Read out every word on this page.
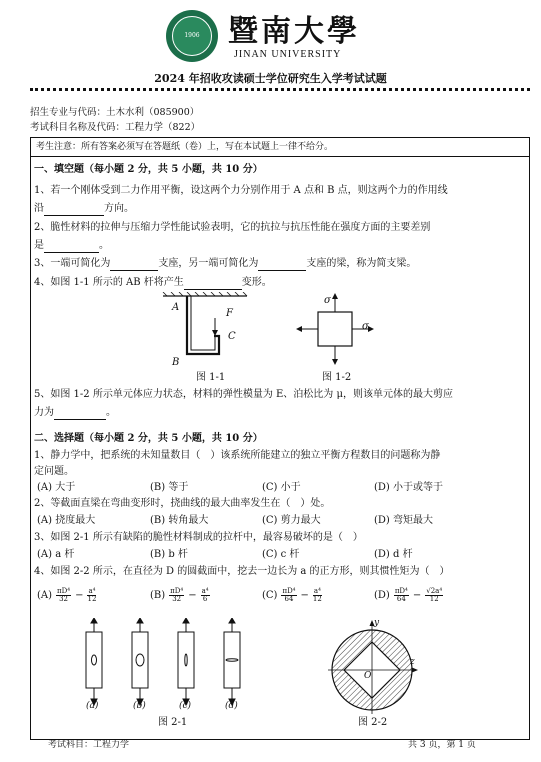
1906 暨南大學
JINAN UNIVERSITY
2024 年招收攻读硕士学位研究生入学考试试题
招生专业与代码：土木水利（085900）
考试科目名称及代码：工程力学（822）
考生注意：所有答案必须写在答题纸（卷）上，写在本试题上一律不给分。
一、填空题（每小题 2 分，共 5 小题，共 10 分）
1、若一个刚体受到二力作用平衡，设这两个力分别作用于 A 点和 B 点，则这两个力的作用线
沿	方向。
2、脆性材料的拉伸与压缩力学性能试验表明，它的抗拉与抗压性能在强度方面的主要差别
是	。
3、一端可简化为	支座，另一端可简化为	支座的梁，称为简支梁。
4、如图 1-1 所示的 AB 杆将产生	变形。
A
F
C
B
σ
σ
图 1-1	图 1-2
5、如图 1-2 所示单元体应力状态，材料的弹性模量为 E、泊松比为 μ，则该单元体的最大剪应
力为	。
二、选择题（每小题 2 分，共 5 小题，共 10 分）
1、静力学中，把系统的未知量数目（　）该系统所能建立的独立平衡方程数目的问题称为静
定问题。
(A) 大于	(B) 等于	(C) 小于	(D) 小于或等于
2、等截面直梁在弯曲变形时，挠曲线的最大曲率发生在（　）处。
(A) 挠度最大	(B) 转角最大	(C) 剪力最大	(D) 弯矩最大
3、如图 2-1 所示有缺陷的脆性材料制成的拉杆中，最容易破坏的是（　）
(A) a 杆	(B) b 杆	(C) c 杆	(D) d 杆
4、如图 2-2 所示，在直径为 D 的圆截面中，挖去一边长为 a 的正方形，则其惯性矩为（　）
$(A) \frac{\text{πD⁴}}{32} - \frac{\text{a⁴}}{12}$	$(B) \frac{\text{πD⁴}}{32} - \frac{\text{a⁴}}{6}$	$(C) \frac{\text{πD⁴}}{64} - \frac{\text{a⁴}}{12}$	$(D) \frac{\text{πD⁴}}{64} - \frac{\text{√2a⁴}}{12}$
(a)	(b)	(c)	(d)
图 2-1
y
z
O
图 2-2
考试科目：工程力学	共 3 页，第 1 页
